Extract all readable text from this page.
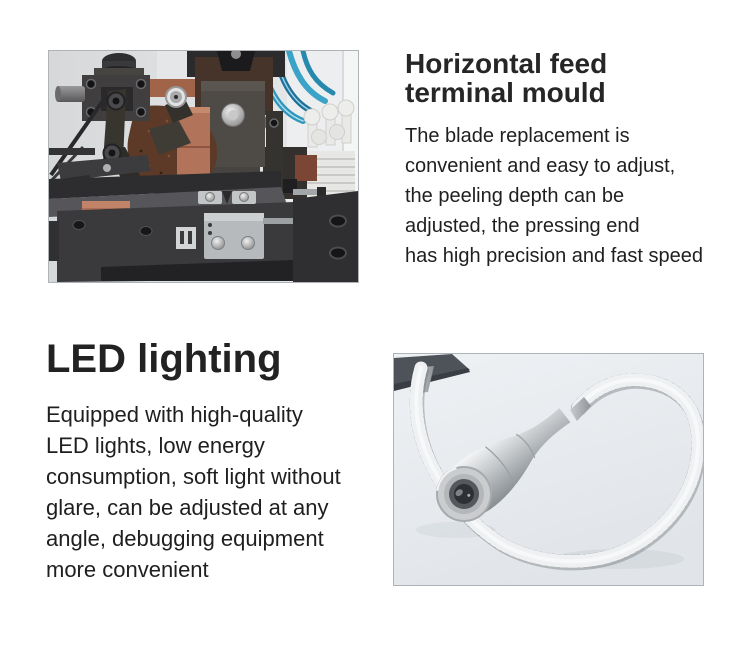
Horizontal feed
terminal mould
The blade replacement is
convenient and easy to adjust,
the peeling depth can be
adjusted, the pressing end
has high precision and fast speed
LED lighting
Equipped with high-quality
LED lights, low energy
consumption, soft light without
glare, can be adjusted at any
angle, debugging equipment
more convenient
